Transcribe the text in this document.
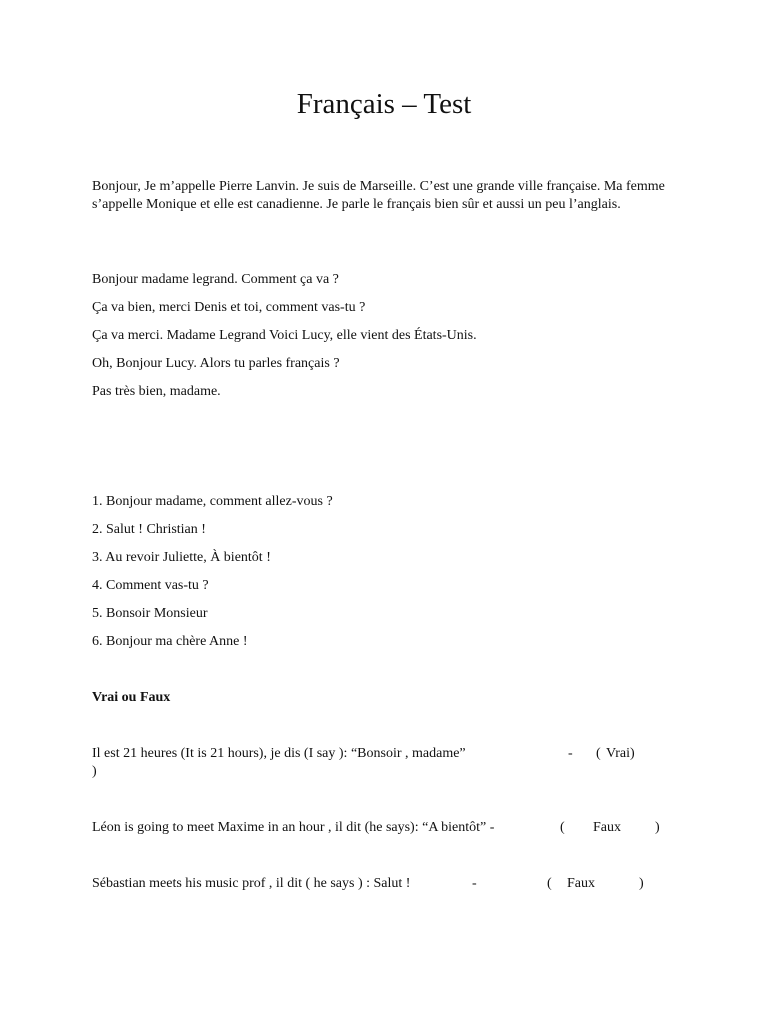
Français – Test
Bonjour, Je m’appelle Pierre Lanvin. Je suis de Marseille. C’est une grande ville française. Ma femme s’appelle Monique et elle est canadienne. Je parle le français bien sûr et aussi un peu l’anglais.
Bonjour madame legrand. Comment ça va ?
Ça va bien, merci Denis et toi, comment vas-tu ?
Ça va merci. Madame Legrand Voici Lucy, elle vient des États-Unis.
Oh, Bonjour Lucy. Alors tu parles français ?
Pas très bien, madame.
1. Bonjour madame, comment allez-vous ?
2. Salut ! Christian !
3. Au revoir Juliette, À bientôt !
4. Comment vas-tu ?
5. Bonsoir Monsieur
6. Bonjour ma chère Anne !
Vrai ou Faux
Il est 21 heures (It is 21 hours), je dis (I say ): “Bonsoir , madame”	- ( Vrai)
)
Léon is going to meet Maxime in an hour , il dit (he says): “A bientôt” -	( Faux )
Sébastian meets his music prof , il dit ( he says ) : Salut !	-	( Faux	)
